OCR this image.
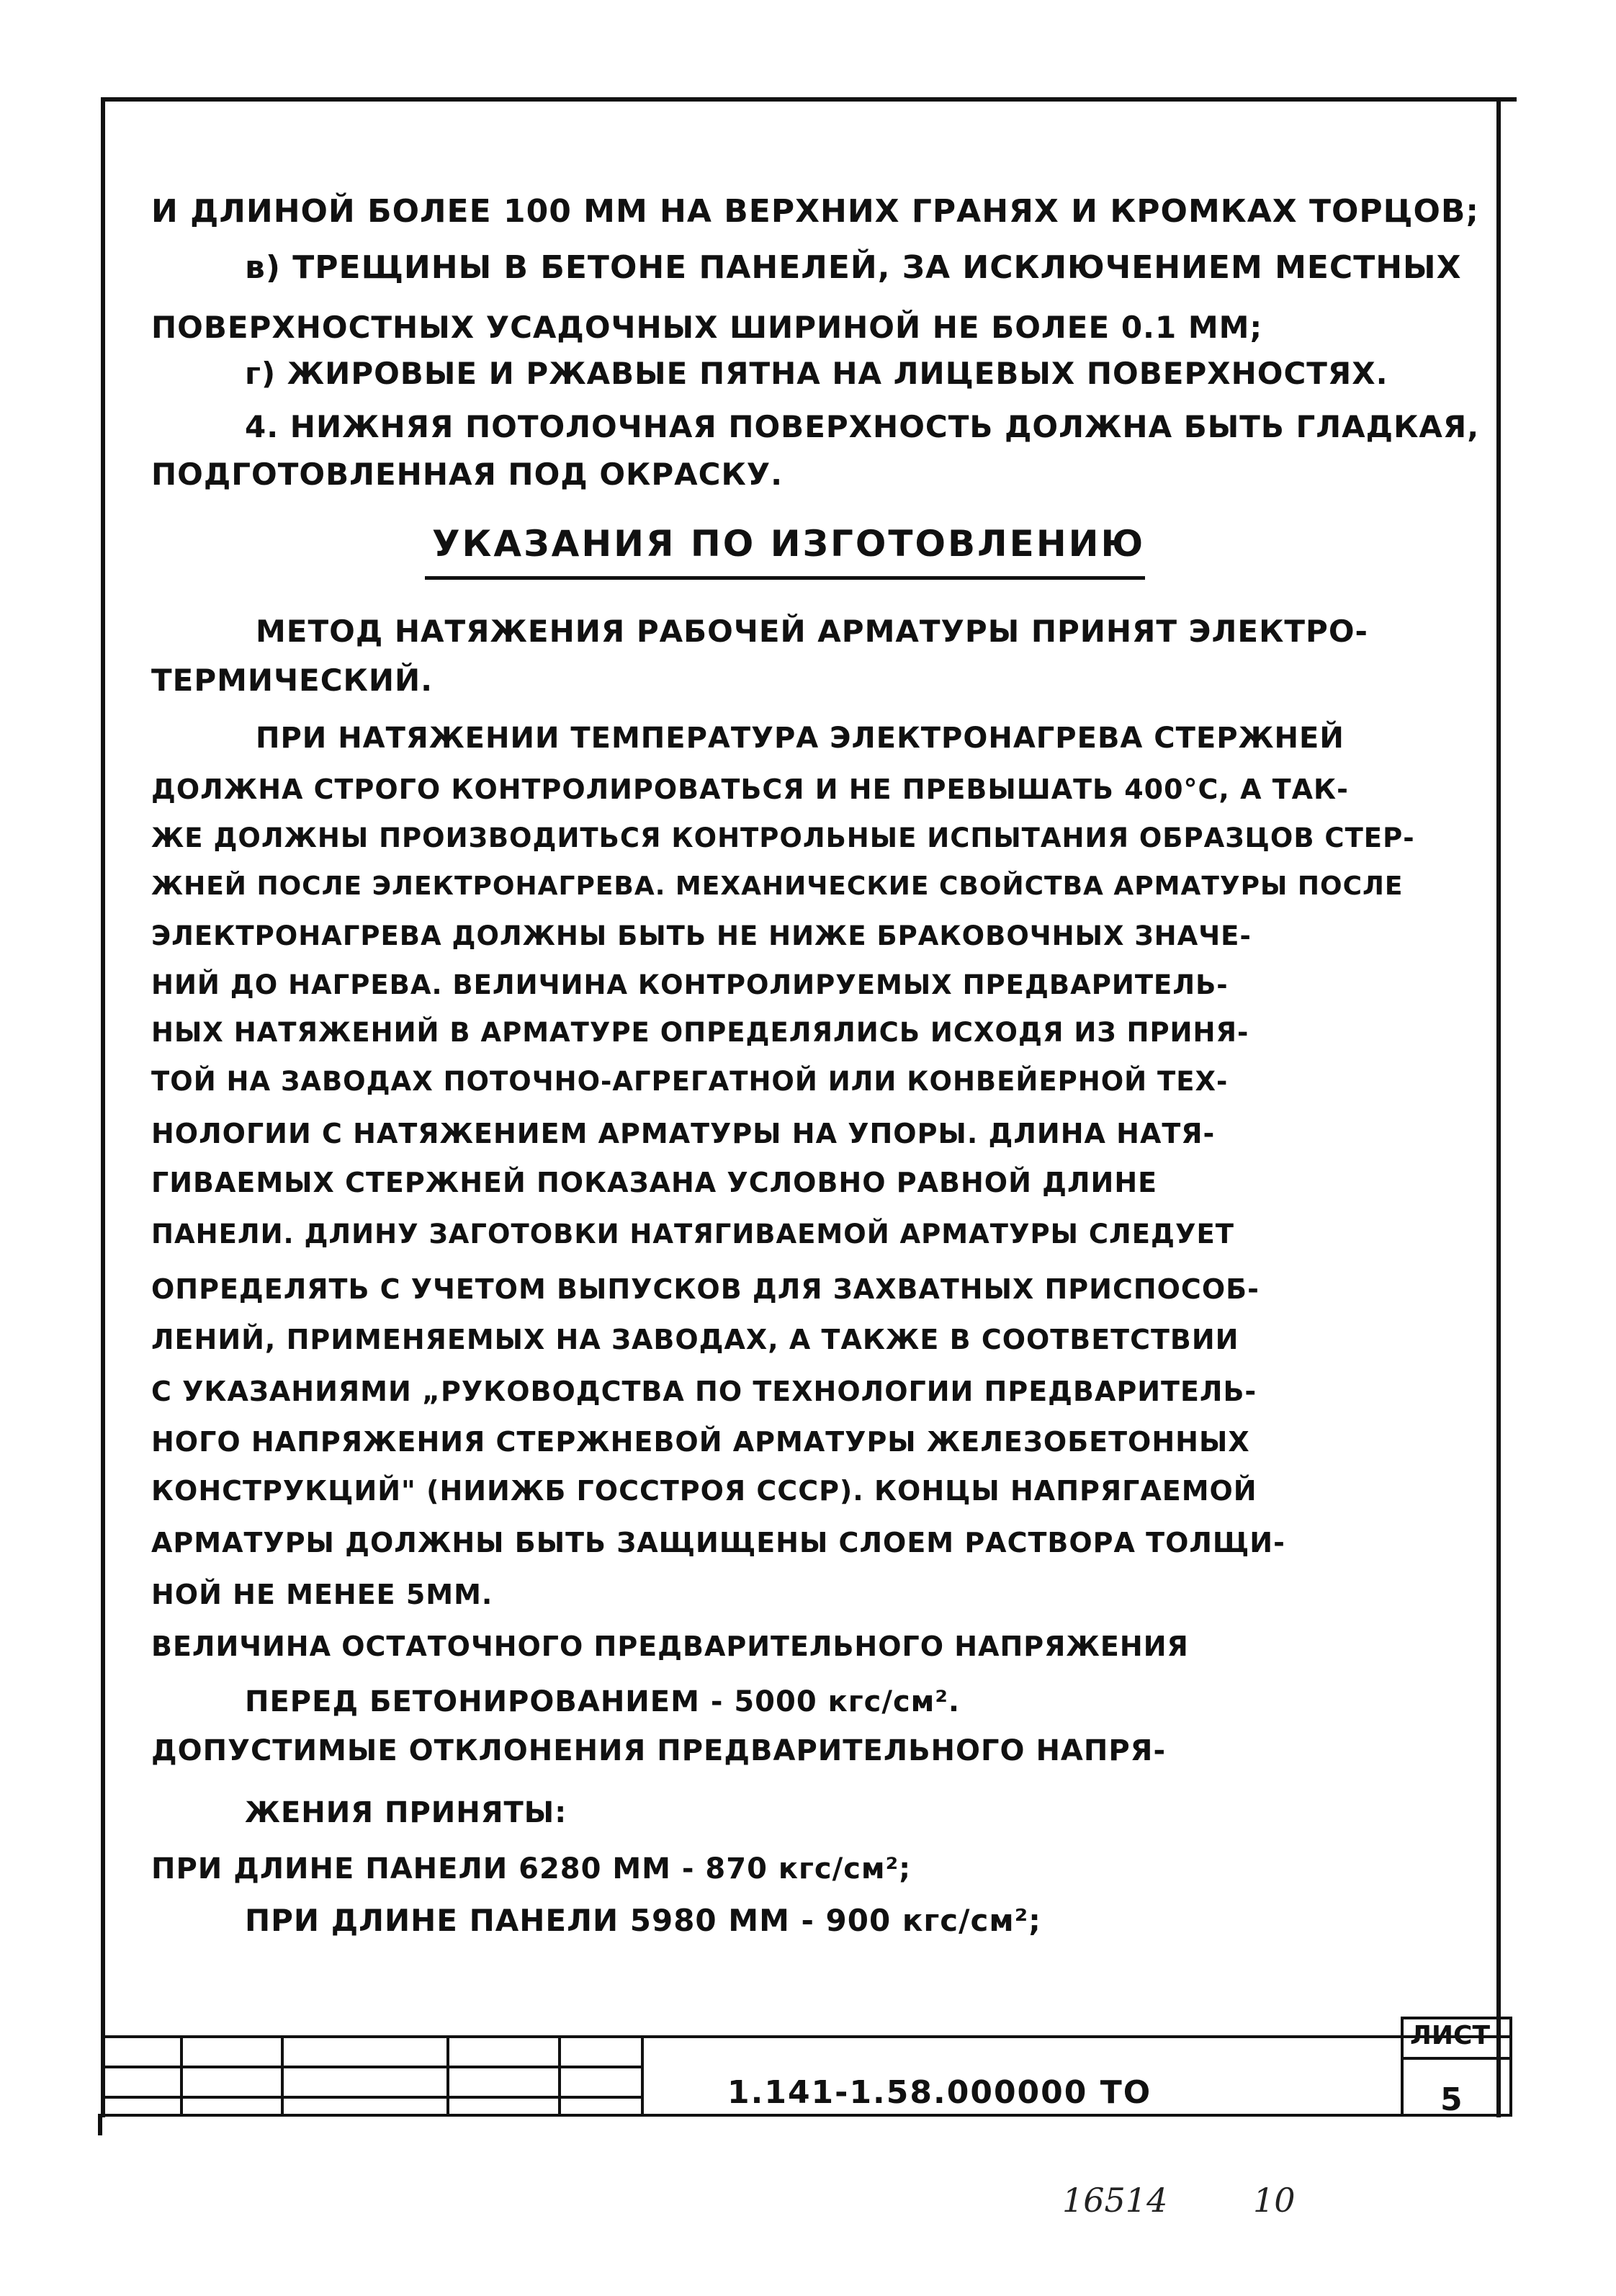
И ДЛИНОЙ БОЛЕЕ 100 ММ НА ВЕРХНИХ ГРАНЯХ И КРОМКАХ ТОРЦОВ;
в) ТРЕЩИНЫ В БЕТОНЕ ПАНЕЛЕЙ, ЗА ИСКЛЮЧЕНИЕМ МЕСТНЫХ
ПОВЕРХНОСТНЫХ УСАДОЧНЫХ ШИРИНОЙ НЕ БОЛЕЕ 0.1 ММ;
г) ЖИРОВЫЕ И РЖАВЫЕ ПЯТНА НА ЛИЦЕВЫХ ПОВЕРХНОСТЯХ.
4. НИЖНЯЯ ПОТОЛОЧНАЯ ПОВЕРХНОСТЬ ДОЛЖНА БЫТЬ ГЛАДКАЯ,
ПОДГОТОВЛЕННАЯ ПОД ОКРАСКУ.
УКАЗАНИЯ ПО ИЗГОТОВЛЕНИЮ
МЕТОД НАТЯЖЕНИЯ РАБОЧЕЙ АРМАТУРЫ ПРИНЯТ ЭЛЕКТРО-
ТЕРМИЧЕСКИЙ.
ПРИ НАТЯЖЕНИИ ТЕМПЕРАТУРА ЭЛЕКТРОНАГРЕВА СТЕРЖНЕЙ
ДОЛЖНА СТРОГО КОНТРОЛИРОВАТЬСЯ И НЕ ПРЕВЫШАТЬ 400°С, А ТАК-
ЖЕ ДОЛЖНЫ ПРОИЗВОДИТЬСЯ КОНТРОЛЬНЫЕ ИСПЫТАНИЯ ОБРАЗЦОВ СТЕР-
ЖНЕЙ ПОСЛЕ ЭЛЕКТРОНАГРЕВА. МЕХАНИЧЕСКИЕ СВОЙСТВА АРМАТУРЫ ПОСЛЕ
ЭЛЕКТРОНАГРЕВА ДОЛЖНЫ БЫТЬ НЕ НИЖЕ БРАКОВОЧНЫХ ЗНАЧЕ-
НИЙ ДО НАГРЕВА. ВЕЛИЧИНА КОНТРОЛИРУЕМЫХ ПРЕДВАРИТЕЛЬ-
НЫХ НАТЯЖЕНИЙ В АРМАТУРЕ ОПРЕДЕЛЯЛИСЬ ИСХОДЯ ИЗ ПРИНЯ-
ТОЙ НА ЗАВОДАХ ПОТОЧНО-АГРЕГАТНОЙ ИЛИ КОНВЕЙЕРНОЙ ТЕХ-
НОЛОГИИ С НАТЯЖЕНИЕМ АРМАТУРЫ НА УПОРЫ. ДЛИНА НАТЯ-
ГИВАЕМЫХ СТЕРЖНЕЙ ПОКАЗАНА УСЛОВНО РАВНОЙ ДЛИНЕ
ПАНЕЛИ. ДЛИНУ ЗАГОТОВКИ НАТЯГИВАЕМОЙ АРМАТУРЫ СЛЕДУЕТ
ОПРЕДЕЛЯТЬ С УЧЕТОМ ВЫПУСКОВ ДЛЯ ЗАХВАТНЫХ ПРИСПОСОБ-
ЛЕНИЙ, ПРИМЕНЯЕМЫХ НА ЗАВОДАХ, А ТАКЖЕ В СООТВЕТСТВИИ
С УКАЗАНИЯМИ „РУКОВОДСТВА ПО ТЕХНОЛОГИИ ПРЕДВАРИТЕЛЬ-
НОГО НАПРЯЖЕНИЯ СТЕРЖНЕВОЙ АРМАТУРЫ ЖЕЛЕЗОБЕТОННЫХ
КОНСТРУКЦИЙ" (НИИЖБ ГОССТРОЯ СССР). КОНЦЫ НАПРЯГАЕМОЙ
АРМАТУРЫ ДОЛЖНЫ БЫТЬ ЗАЩИЩЕНЫ СЛОЕМ РАСТВОРА ТОЛЩИ-
НОЙ НЕ МЕНЕЕ 5ММ.
ВЕЛИЧИНА ОСТАТОЧНОГО ПРЕДВАРИТЕЛЬНОГО НАПРЯЖЕНИЯ
ПЕРЕД БЕТОНИРОВАНИЕМ - 5000 кгс/см².
ДОПУСТИМЫЕ ОТКЛОНЕНИЯ ПРЕДВАРИТЕЛЬНОГО НАПРЯ-
ЖЕНИЯ ПРИНЯТЫ:
ПРИ ДЛИНЕ ПАНЕЛИ 6280 ММ - 870 кгс/см²;
ПРИ ДЛИНЕ ПАНЕЛИ 5980 ММ - 900 кгс/см²;
1.141-1.58.000000 ТО
ЛИСТ
5
16514	10
